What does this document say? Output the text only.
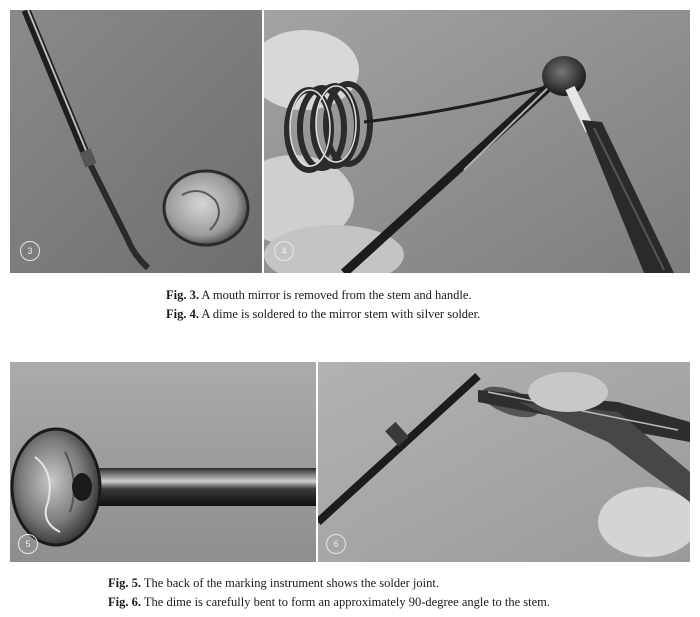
3	4
Fig. 3. A mouth mirror is removed from the stem and handle.
Fig. 4. A dime is soldered to the mirror stem with silver solder.
5	6
Fig. 5. The back of the marking instrument shows the solder joint.
Fig. 6. The dime is carefully bent to form an approximately 90-degree angle to the stem.
